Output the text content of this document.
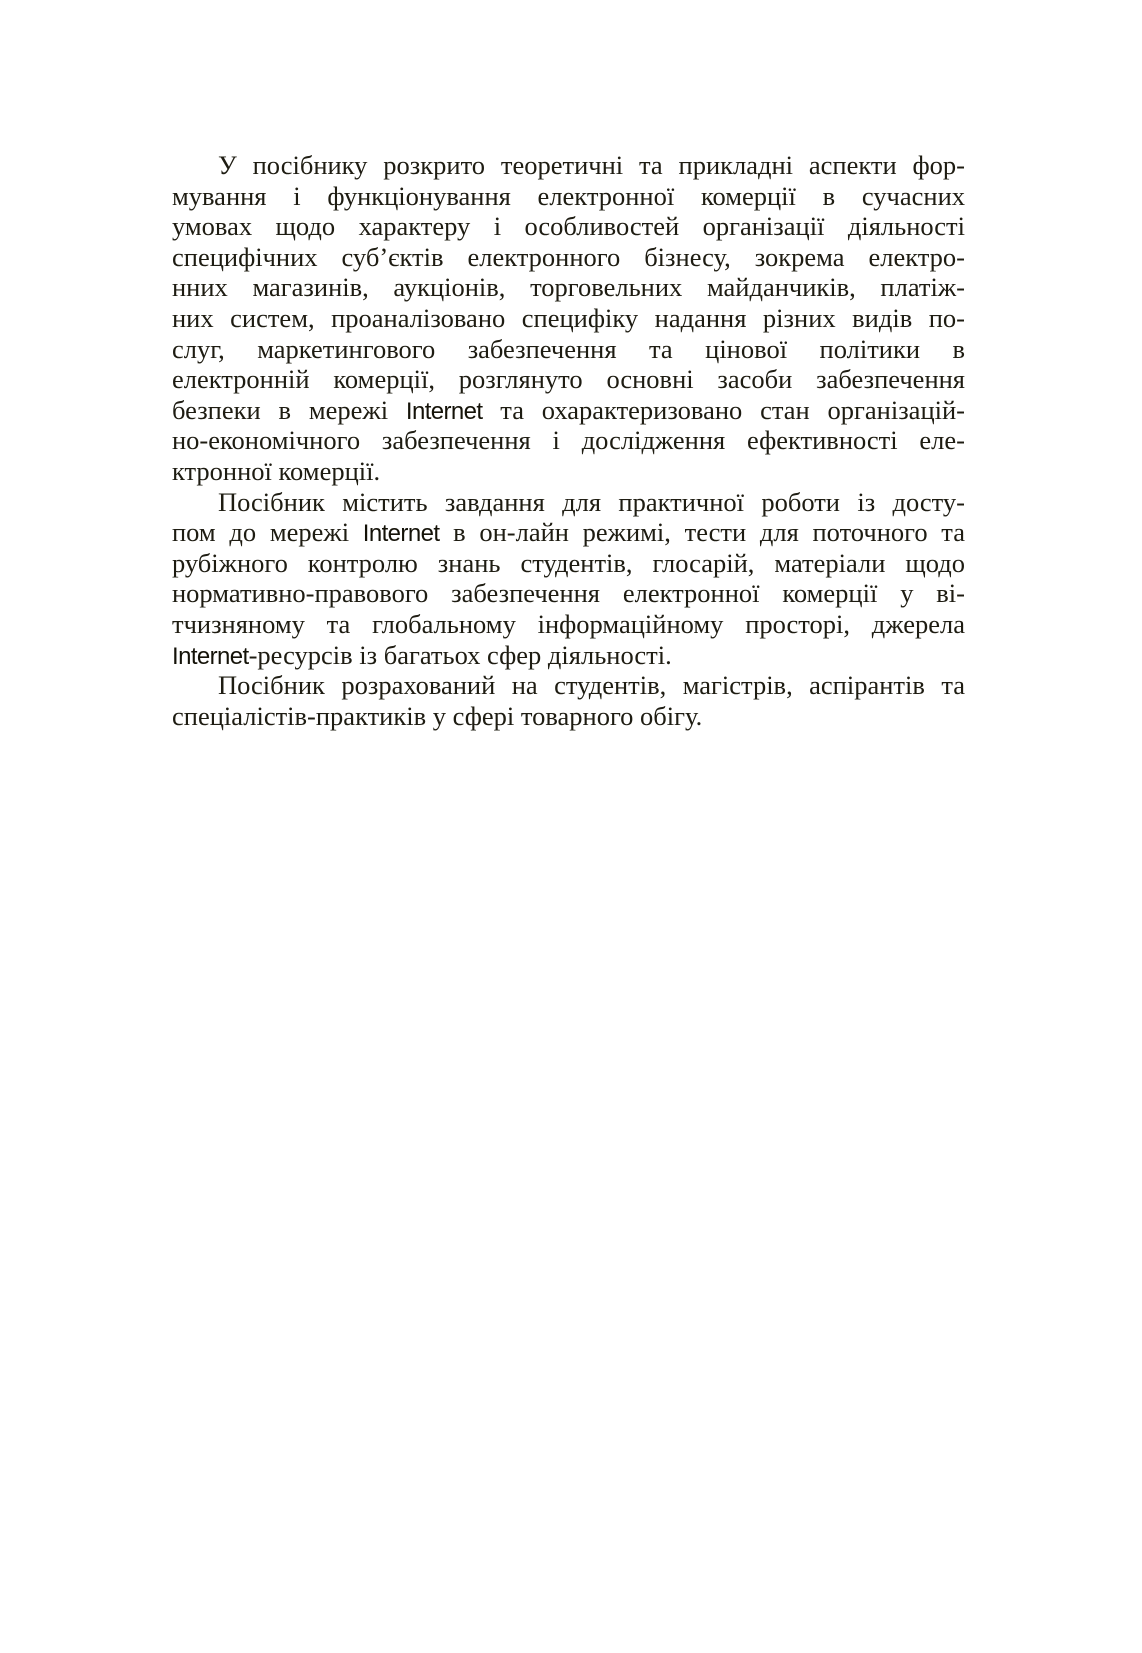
У посібнику розкрито теоретичні та прикладні аспекти фор-
мування і функціонування електронної комерції в сучасних
умовах щодо характеру і особливостей організації діяльності
специфічних суб’єктів електронного бізнесу, зокрема електро-
нних магазинів, аукціонів, торговельних майданчиків, платіж-
них систем, проаналізовано специфіку надання різних видів по-
слуг, маркетингового забезпечення та цінової політики в
електронній комерції, розглянуто основні засоби забезпечення
безпеки в мережі Internet та охарактеризовано стан організацій-
но-економічного забезпечення і дослідження ефективності еле-
ктронної комерції.
Посібник містить завдання для практичної роботи із досту-
пом до мережі Internet в он-лайн режимі, тести для поточного та
рубіжного контролю знань студентів, глосарій, матеріали щодо
нормативно-правового забезпечення електронної комерції у ві-
тчизняному та глобальному інформаційному просторі, джерела
Internet-ресурсів із багатьох сфер діяльності.
Посібник розрахований на студентів, магістрів, аспірантів та
спеціалістів-практиків у сфері товарного обігу.
